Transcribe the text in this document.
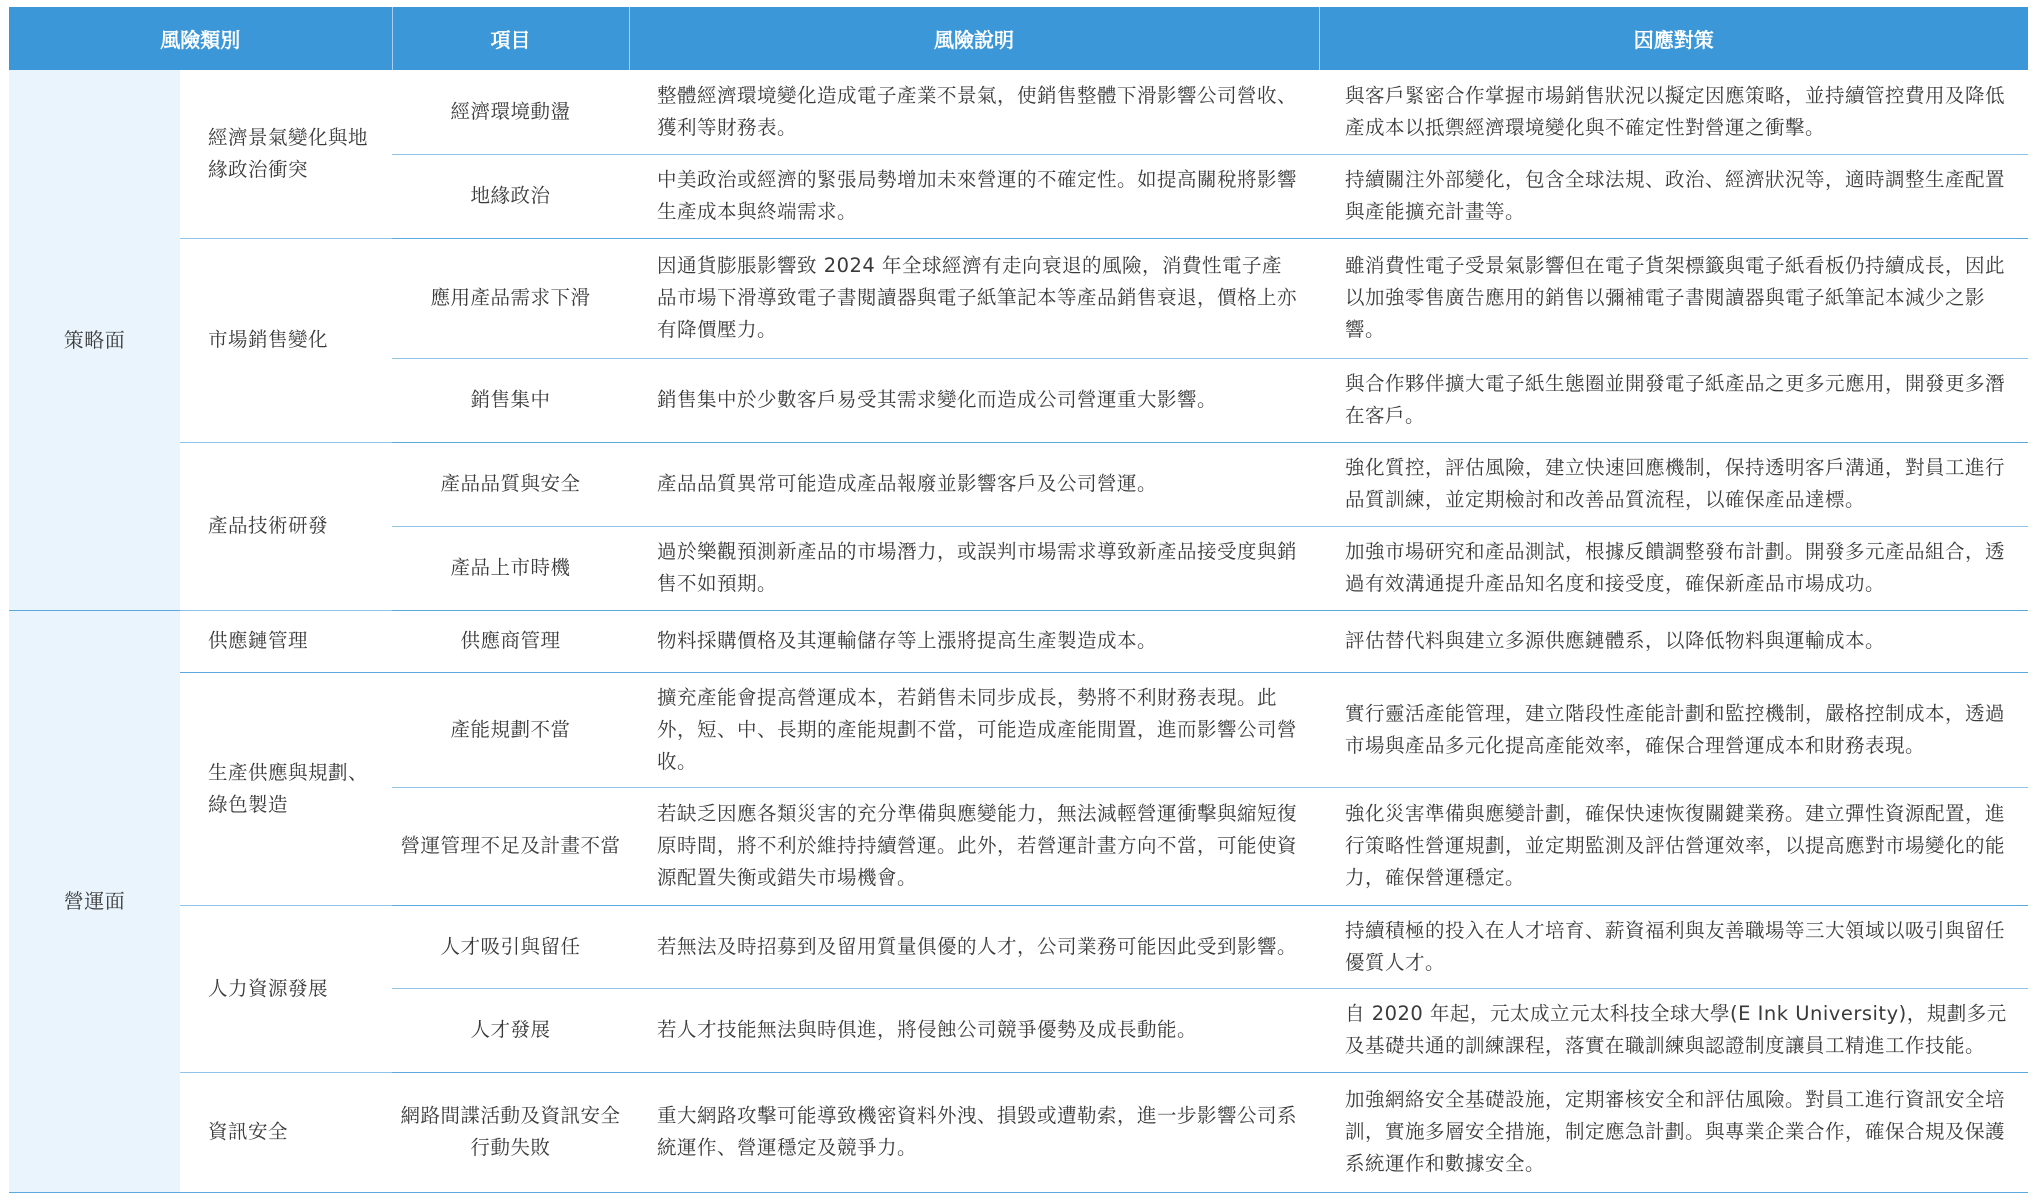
風險類別		項目	風險說明	因應對策
策略面	經濟景氣變化與地緣政治衝突	經濟環境動盪	整體經濟環境變化造成電子產業不景氣，使銷售整體下滑影響公司營收、獲利等財務表。	與客戶緊密合作掌握市場銷售狀況以擬定因應策略，並持續管控費用及降低產成本以抵禦經濟環境變化與不確定性對營運之衝擊。
		地緣政治	中美政治或經濟的緊張局勢增加未來營運的不確定性。如提高關稅將影響生產成本與終端需求。	持續關注外部變化，包含全球法規、政治、經濟狀況等，適時調整生產配置與產能擴充計畫等。
	市場銷售變化	應用產品需求下滑	因通貨膨脹影響致 2024 年全球經濟有走向衰退的風險，消費性電子產品市場下滑導致電子書閱讀器與電子紙筆記本等產品銷售衰退，價格上亦有降價壓力。	雖消費性電子受景氣影響但在電子貨架標籤與電子紙看板仍持續成長，因此以加強零售廣告應用的銷售以彌補電子書閱讀器與電子紙筆記本減少之影響。
		銷售集中	銷售集中於少數客戶易受其需求變化而造成公司營運重大影響。	與合作夥伴擴大電子紙生態圈並開發電子紙產品之更多元應用，開發更多潛在客戶。
	產品技術研發	產品品質與安全	產品品質異常可能造成產品報廢並影響客戶及公司營運。	強化質控，評估風險，建立快速回應機制，保持透明客戶溝通，對員工進行品質訓練，並定期檢討和改善品質流程，以確保產品達標。
		產品上市時機	過於樂觀預測新產品的市場潛力，或誤判市場需求導致新產品接受度與銷售不如預期。	加強市場研究和產品測試，根據反饋調整發布計劃。開發多元產品組合，透過有效溝通提升產品知名度和接受度，確保新產品市場成功。
營運面	供應鏈管理	供應商管理	物料採購價格及其運輸儲存等上漲將提高生產製造成本。	評估替代料與建立多源供應鏈體系，以降低物料與運輸成本。
	生產供應與規劃、綠色製造	產能規劃不當	擴充產能會提高營運成本，若銷售未同步成長，勢將不利財務表現。此外，短、中、長期的產能規劃不當，可能造成產能閒置，進而影響公司營收。	實行靈活產能管理，建立階段性產能計劃和監控機制，嚴格控制成本，透過市場與產品多元化提高產能效率，確保合理營運成本和財務表現。
		營運管理不足及計畫不當	若缺乏因應各類災害的充分準備與應變能力，無法減輕營運衝擊與縮短復原時間，將不利於維持持續營運。此外，若營運計畫方向不當，可能使資源配置失衡或錯失市場機會。	強化災害準備與應變計劃，確保快速恢復關鍵業務。建立彈性資源配置，進行策略性營運規劃，並定期監測及評估營運效率，以提高應對市場變化的能力，確保營運穩定。
	人力資源發展	人才吸引與留任	若無法及時招募到及留用質量俱優的人才，公司業務可能因此受到影響。	持續積極的投入在人才培育、薪資福利與友善職場等三大領域以吸引與留任優質人才。
		人才發展	若人才技能無法與時俱進，將侵蝕公司競爭優勢及成長動能。	自 2020 年起，元太成立元太科技全球大學(E Ink University)，規劃多元及基礎共通的訓練課程，落實在職訓練與認證制度讓員工精進工作技能。
	資訊安全	網路間諜活動及資訊安全行動失敗	重大網路攻擊可能導致機密資料外洩、損毀或遭勒索，進一步影響公司系統運作、營運穩定及競爭力。	加強網絡安全基礎設施，定期審核安全和評估風險。對員工進行資訊安全培訓，實施多層安全措施，制定應急計劃。與專業企業合作，確保合規及保護系統運作和數據安全。
